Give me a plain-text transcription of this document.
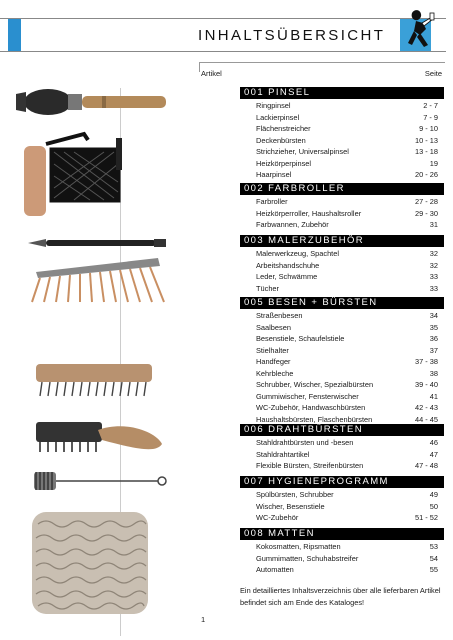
INHALTSÜBERSICHT
Artikel	Seite
001 PINSEL
Ringpinsel	2 - 7
Lackierpinsel	7 - 9
Flächenstreicher	9 - 10
Deckenbürsten	10 - 13
Strichzieher, Universalpinsel	13 - 18
Heizkörperpinsel	19
Haarpinsel	20 - 26
002 FARBROLLER
Farbroller	27 - 28
Heizkörperroller, Haushaltsroller	29 - 30
Farbwannen, Zubehör	31
003 MALERZUBEHÖR
Malerwerkzeug, Spachtel	32
Arbeitshandschuhe	32
Leder, Schwämme	33
Tücher	33
005 BESEN + BÜRSTEN
Straßenbesen	34
Saalbesen	35
Besenstiele, Schaufelstiele	36
Stielhalter	37
Handfeger	37 - 38
Kehrbleche	38
Schrubber, Wischer, Spezialbürsten	39 - 40
Gummiwischer, Fensterwischer	41
WC-Zubehör, Handwaschbürsten	42 - 43
Haushaltsbürsten, Flaschenbürsten	44 - 45
006 DRAHTBÜRSTEN
Stahldrahtbürsten und -besen	46
Stahldrahtartikel	47
Flexible Bürsten, Streifenbürsten	47 - 48
007 HYGIENEPROGRAMM
Spülbürsten, Schrubber	49
Wischer, Besenstiele	50
WC-Zubehör	51 - 52
008 MATTEN
Kokosmatten, Ripsmatten	53
Gummimatten, Schuhabstreifer	54
Automatten	55
Ein detailliertes Inhaltsverzeichnis über alle lieferbaren Artikel befindet sich am Ende des Kataloges!
1
